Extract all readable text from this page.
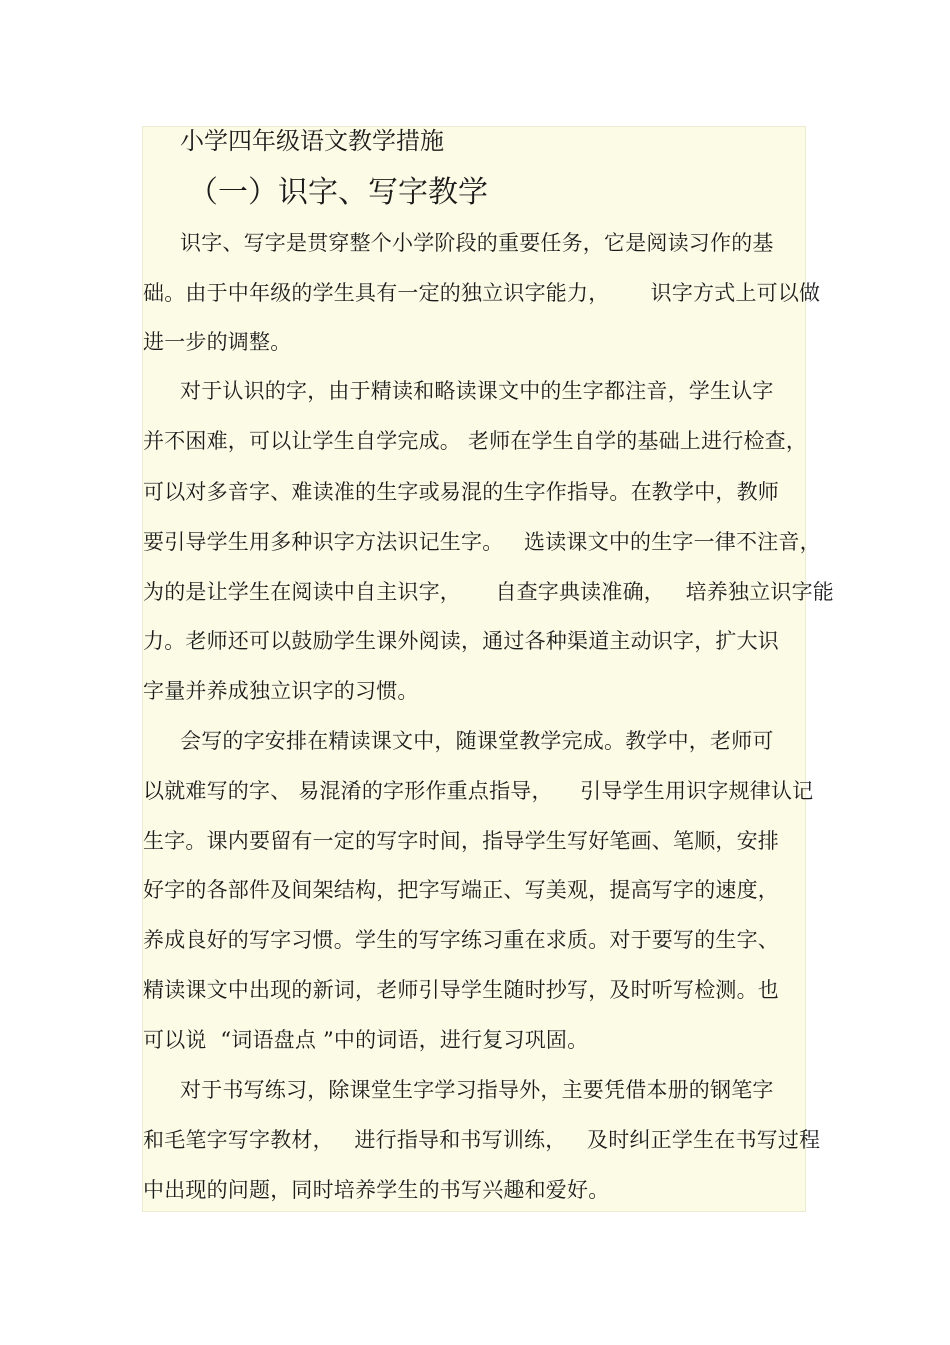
小学四年级语文教学措施
（一）识字、写字教学
识字、写字是贯穿整个小学阶段的重要任务，它是阅读习作的基
础。由于中年级的学生具有一定的独立识字能力，      识字方式上可以做
进一步的调整。
对于认识的字，由于精读和略读课文中的生字都注音，学生认字
并不困难，可以让学生自学完成。 老师在学生自学的基础上进行检查，
可以对多音字、难读准的生字或易混的生字作指导。在教学中，教师
要引导学生用多种识字方法识记生字。   选读课文中的生字一律不注音，
为的是让学生在阅读中自主识字，     自查字典读准确，   培养独立识字能
力。老师还可以鼓励学生课外阅读，通过各种渠道主动识字，扩大识
字量并养成独立识字的习惯。
会写的字安排在精读课文中，随课堂教学完成。教学中，老师可
以就难写的字、 易混淆的字形作重点指导，    引导学生用识字规律认记
生字。课内要留有一定的写字时间，指导学生写好笔画、笔顺，安排
好字的各部件及间架结构，把字写端正、写美观，提高写字的速度，
养成良好的写字习惯。学生的写字练习重在求质。对于要写的生字、
精读课文中出现的新词，老师引导学生随时抄写，及时听写检测。也
可以说  “词语盘点 ”中的词语，进行复习巩固。
对于书写练习，除课堂生字学习指导外，主要凭借本册的钢笔字
和毛笔字写字教材，   进行指导和书写训练，   及时纠正学生在书写过程
中出现的问题，同时培养学生的书写兴趣和爱好。
